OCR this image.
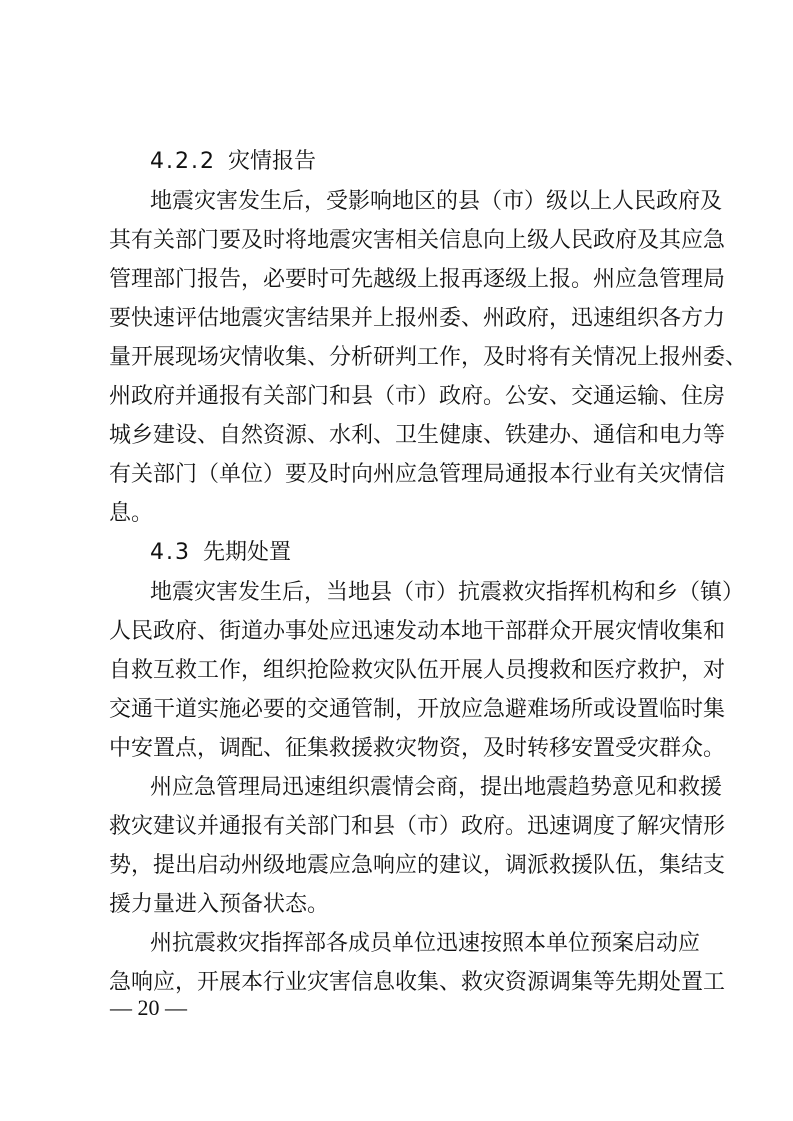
4.2.2 灾情报告
地震灾害发生后，受影响地区的县（市）级以上人民政府及
其有关部门要及时将地震灾害相关信息向上级人民政府及其应急
管理部门报告，必要时可先越级上报再逐级上报。州应急管理局
要快速评估地震灾害结果并上报州委、州政府，迅速组织各方力
量开展现场灾情收集、分析研判工作，及时将有关情况上报州委、
州政府并通报有关部门和县（市）政府。公安、交通运输、住房
城乡建设、自然资源、水利、卫生健康、铁建办、通信和电力等
有关部门（单位）要及时向州应急管理局通报本行业有关灾情信
息。
4.3 先期处置
地震灾害发生后，当地县（市）抗震救灾指挥机构和乡（镇）
人民政府、街道办事处应迅速发动本地干部群众开展灾情收集和
自救互救工作，组织抢险救灾队伍开展人员搜救和医疗救护，对
交通干道实施必要的交通管制，开放应急避难场所或设置临时集
中安置点，调配、征集救援救灾物资，及时转移安置受灾群众。
州应急管理局迅速组织震情会商，提出地震趋势意见和救援
救灾建议并通报有关部门和县（市）政府。迅速调度了解灾情形
势，提出启动州级地震应急响应的建议，调派救援队伍，集结支
援力量进入预备状态。
州抗震救灾指挥部各成员单位迅速按照本单位预案启动应
急响应，开展本行业灾害信息收集、救灾资源调集等先期处置工
— 20 —
